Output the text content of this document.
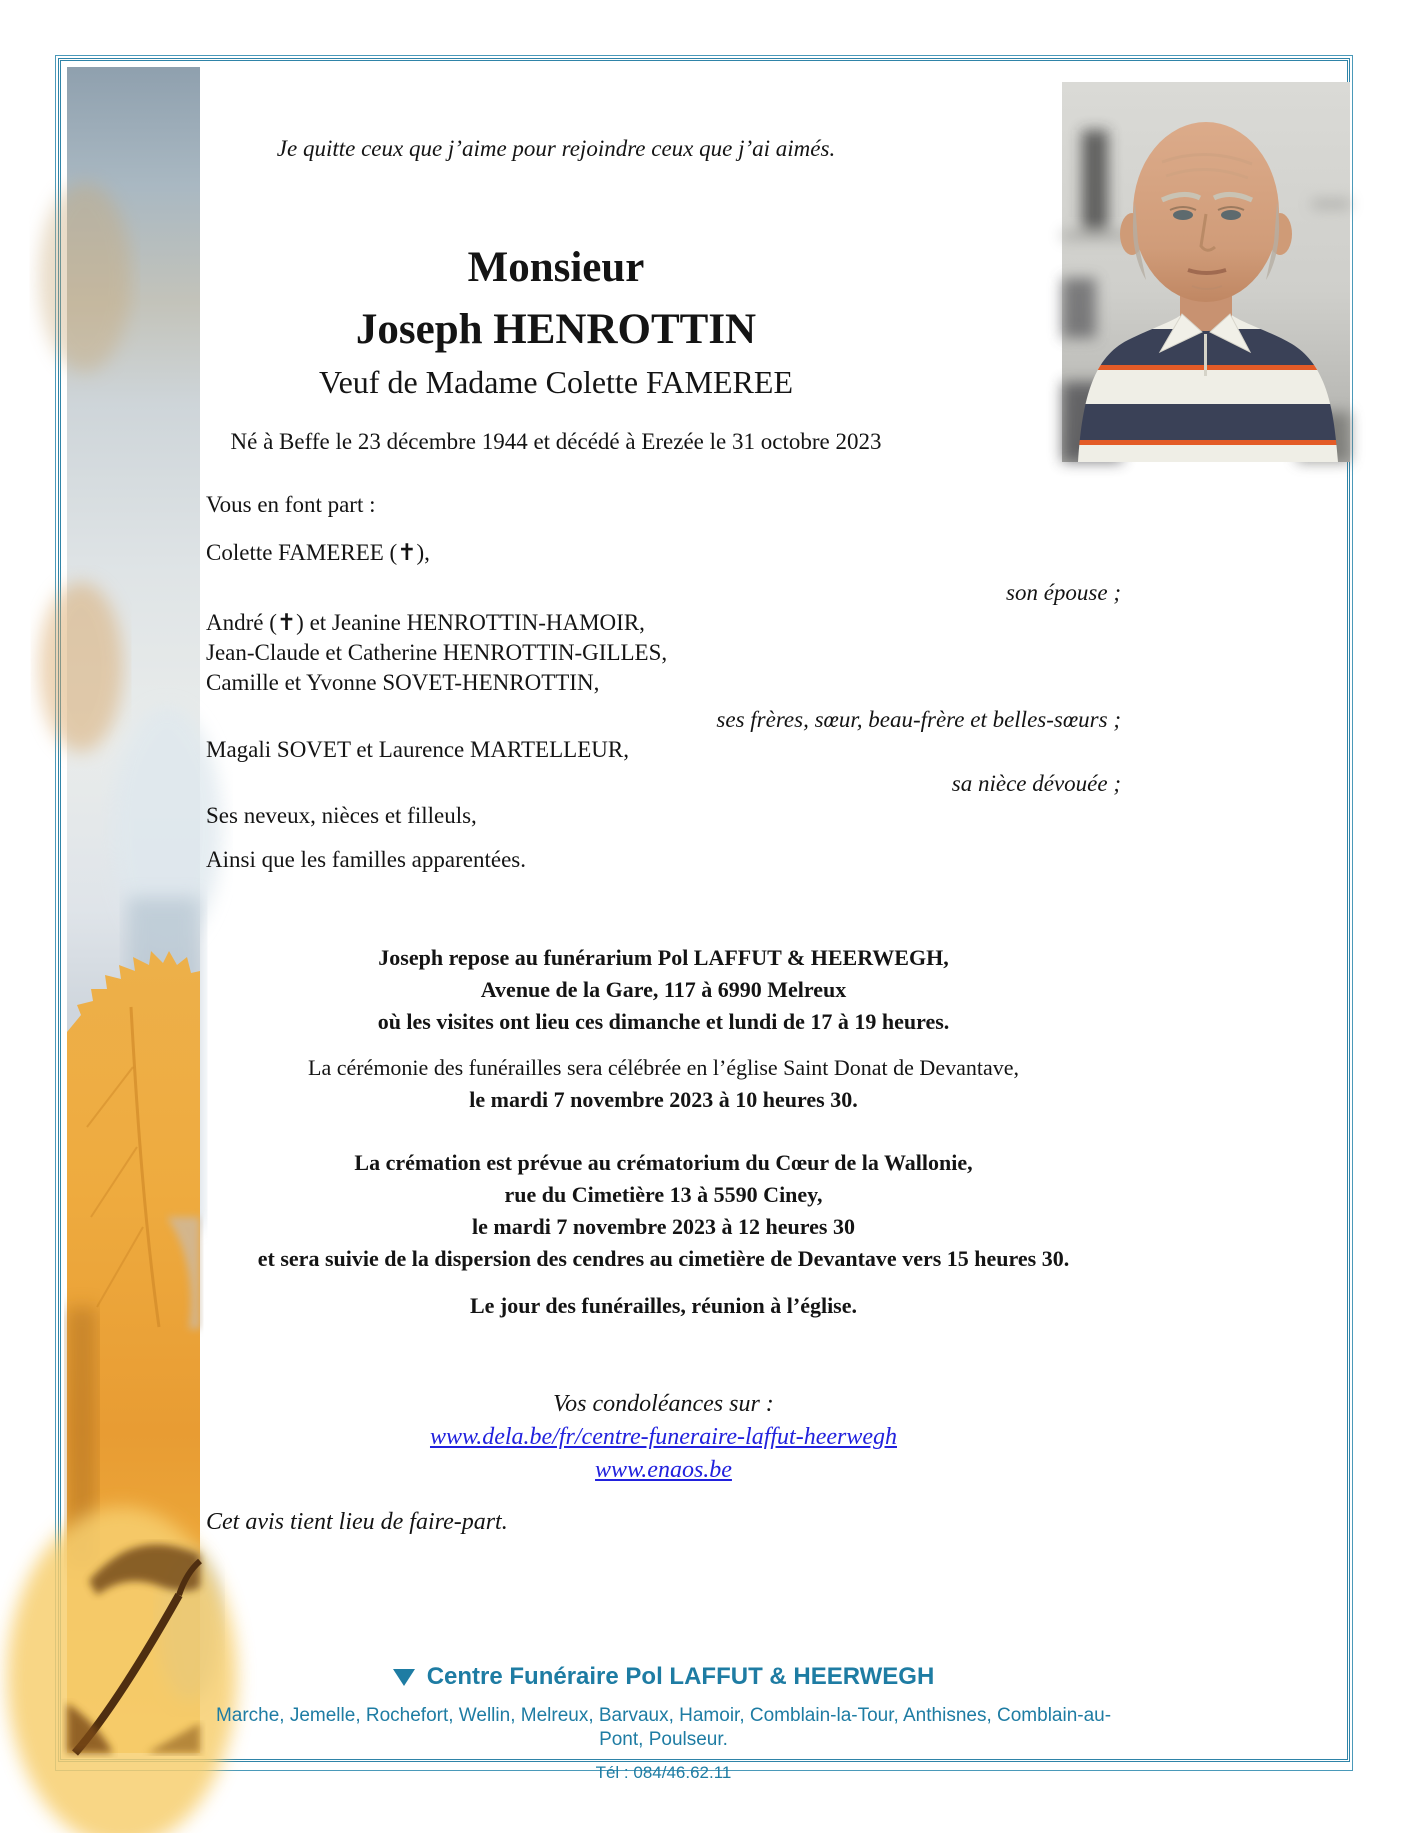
Je quitte ceux que j’aime pour rejoindre ceux que j’ai aimés.
Monsieur
Joseph HENROTTIN
Veuf de Madame Colette FAMEREE
Né à Beffe le 23 décembre 1944 et décédé à Erezée le 31 octobre 2023
Vous en font part :
Colette FAMEREE (✝),
son épouse ;
André (✝) et Jeanine HENROTTIN-HAMOIR,
Jean-Claude et Catherine HENROTTIN-GILLES,
Camille et Yvonne SOVET-HENROTTIN,
ses frères, sœur, beau-frère et belles-sœurs ;
Magali SOVET et Laurence MARTELLEUR,
sa nièce dévouée ;
Ses neveux, nièces et filleuls,
Ainsi que les familles apparentées.
Joseph repose au funérarium Pol LAFFUT & HEERWEGH,
Avenue de la Gare, 117 à 6990 Melreux
où les visites ont lieu ces dimanche et lundi de 17 à 19 heures.
La cérémonie des funérailles sera célébrée en l’église Saint Donat de Devantave,
le mardi 7 novembre 2023 à 10 heures 30.
La crémation est prévue au crématorium du Cœur de la Wallonie,
rue du Cimetière 13 à 5590 Ciney,
le mardi 7 novembre 2023 à 12 heures 30
et sera suivie de la dispersion des cendres au cimetière de Devantave vers 15 heures 30.
Le jour des funérailles, réunion à l’église.
Vos condoléances sur :
www.dela.be/fr/centre-funeraire-laffut-heerwegh
www.enaos.be
Cet avis tient lieu de faire-part.
Centre Funéraire Pol LAFFUT & HEERWEGH
Marche, Jemelle, Rochefort, Wellin, Melreux, Barvaux, Hamoir, Comblain-la-Tour, Anthisnes, Comblain-au-Pont, Poulseur.
Tél : 084/46.62.11
